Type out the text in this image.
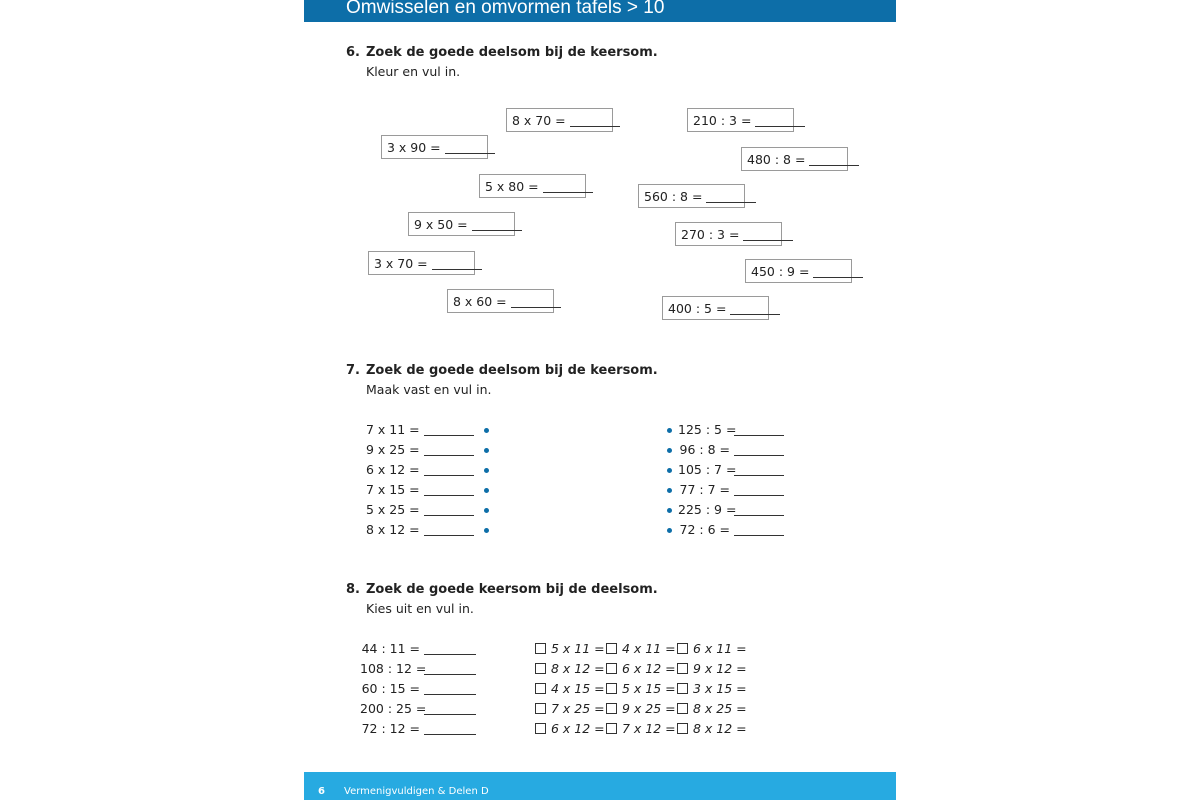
Omwisselen en omvormen tafels > 10
6. Zoek de goede deelsom bij de keersom.
Kleur en vul in.
8 x 70 =
3 x 90 =
5 x 80 =
9 x 50 =
3 x 70 =
8 x 60 =
210 : 3 =
480 : 8 =
560 : 8 =
270 : 3 =
450 : 9 =
400 : 5 =
7. Zoek de goede deelsom bij de keersom.
Maak vast en vul in.
7 x 11 =
9 x 25 =
6 x 12 =
7 x 15 =
5 x 25 =
8 x 12 =
125 : 5 =
96 : 8 =
105 : 7 =
77 : 7 =
225 : 9 =
72 : 6 =
8. Zoek de goede keersom bij de deelsom.
Kies uit en vul in.
44 : 11 =
108 : 12 =
60 : 15 =
200 : 25 =
72 : 12 =
5 x 11 =
8 x 12 =
4 x 15 =
7 x 25 =
6 x 12 =
4 x 11 =
6 x 12 =
5 x 15 =
9 x 25 =
7 x 12 =
6 x 11 =
9 x 12 =
3 x 15 =
8 x 25 =
8 x 12 =
6 Vermenigvuldigen & Delen D
